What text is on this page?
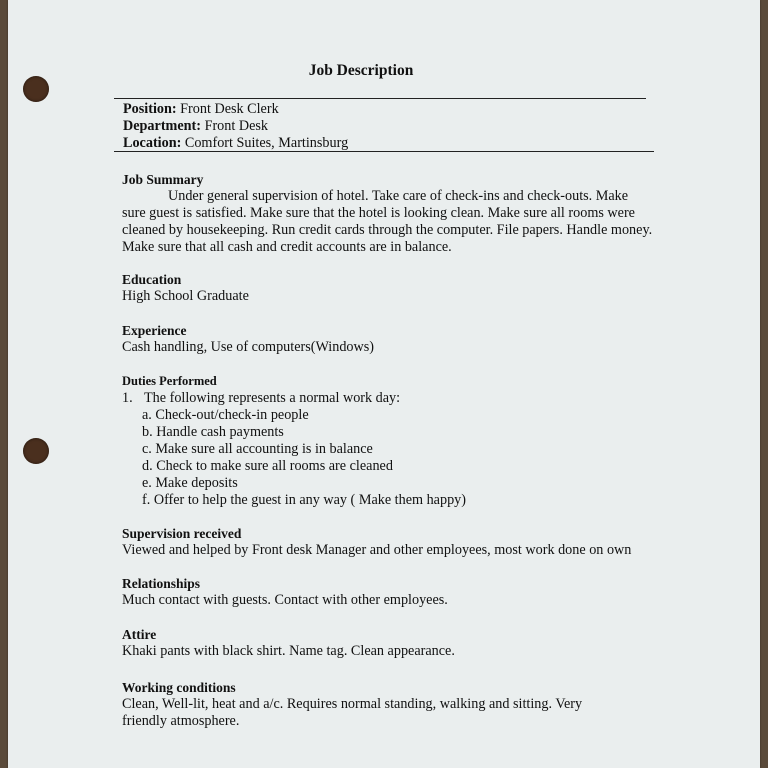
Job Description
Position: Front Desk Clerk
Department: Front Desk
Location: Comfort Suites, Martinsburg
Job Summary
Under general supervision of hotel. Take care of check-ins and check-outs. Make sure guest is satisfied. Make sure that the hotel is looking clean. Make sure all rooms were cleaned by housekeeping. Run credit cards through the computer. File papers. Handle money. Make sure that all cash and credit accounts are in balance.
Education
High School Graduate
Experience
Cash handling, Use of computers(Windows)
Duties Performed
1. The following represents a normal work day:
a. Check-out/check-in people
b. Handle cash payments
c. Make sure all accounting is in balance
d. Check to make sure all rooms are cleaned
e. Make deposits
f. Offer to help the guest in any way ( Make them happy)
Supervision received
Viewed and helped by Front desk Manager and other employees, most work done on own
Relationships
Much contact with guests. Contact with other employees.
Attire
Khaki pants with black shirt. Name tag. Clean appearance.
Working conditions
Clean, Well-lit, heat and a/c. Requires normal standing, walking and sitting. Very
friendly atmosphere.
